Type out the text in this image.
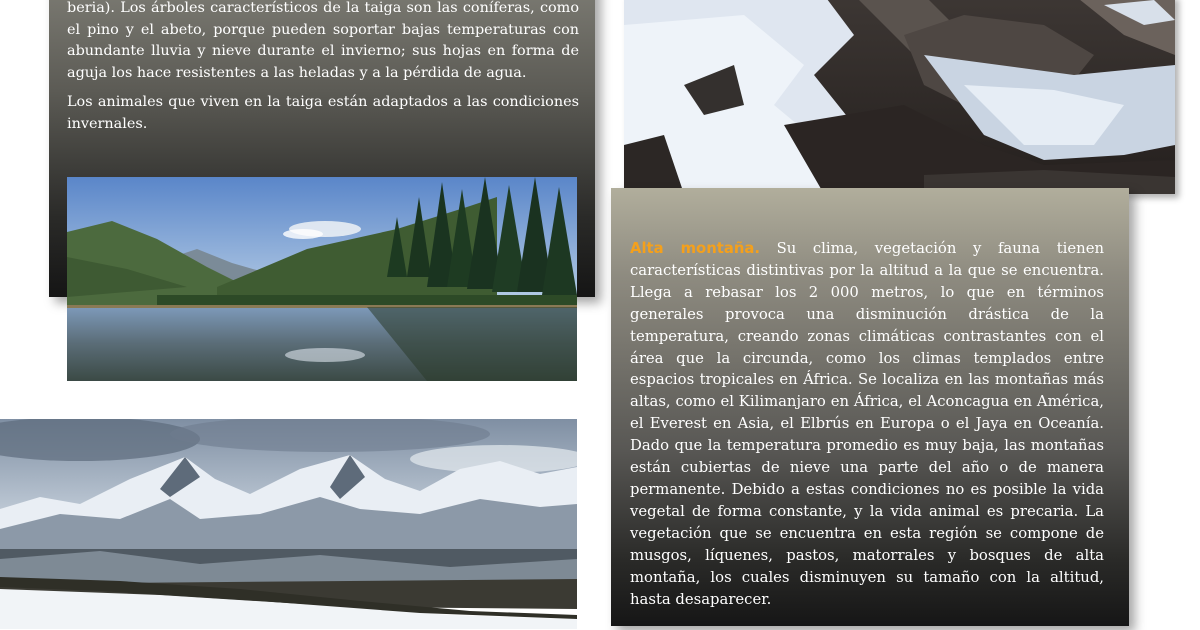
beria). Los árboles característicos de la taiga son las coníferas, como el pino y el abeto, porque pueden soportar bajas temperaturas con abundante lluvia y nieve durante el invierno; sus hojas en forma de aguja los hace resistentes a las heladas y a la pérdida de agua.

Los animales que viven en la taiga están adaptados a las condiciones invernales.

Alta montaña. Su clima, vegetación y fauna tienen características distintivas por la altitud a la que se encuentra. Llega a rebasar los 2 000 metros, lo que en términos generales provoca una disminución drástica de la temperatura, creando zonas climáticas contrastantes con el área que la circunda, como los climas templados entre espacios tropicales en África. Se localiza en las montañas más altas, como el Kilimanjaro en África, el Aconcagua en América, el Everest en Asia, el Elbrús en Europa o el Jaya en Oceanía. Dado que la temperatura promedio es muy baja, las montañas están cubiertas de nieve una parte del año o de manera permanente. Debido a estas condiciones no es posible la vida vegetal de forma constante, y la vida animal es precaria. La vegetación que se encuentra en esta región se compone de musgos, líquenes, pastos, matorrales y bosques de alta montaña, los cuales disminuyen su tamaño con la altitud, hasta desaparecer.
